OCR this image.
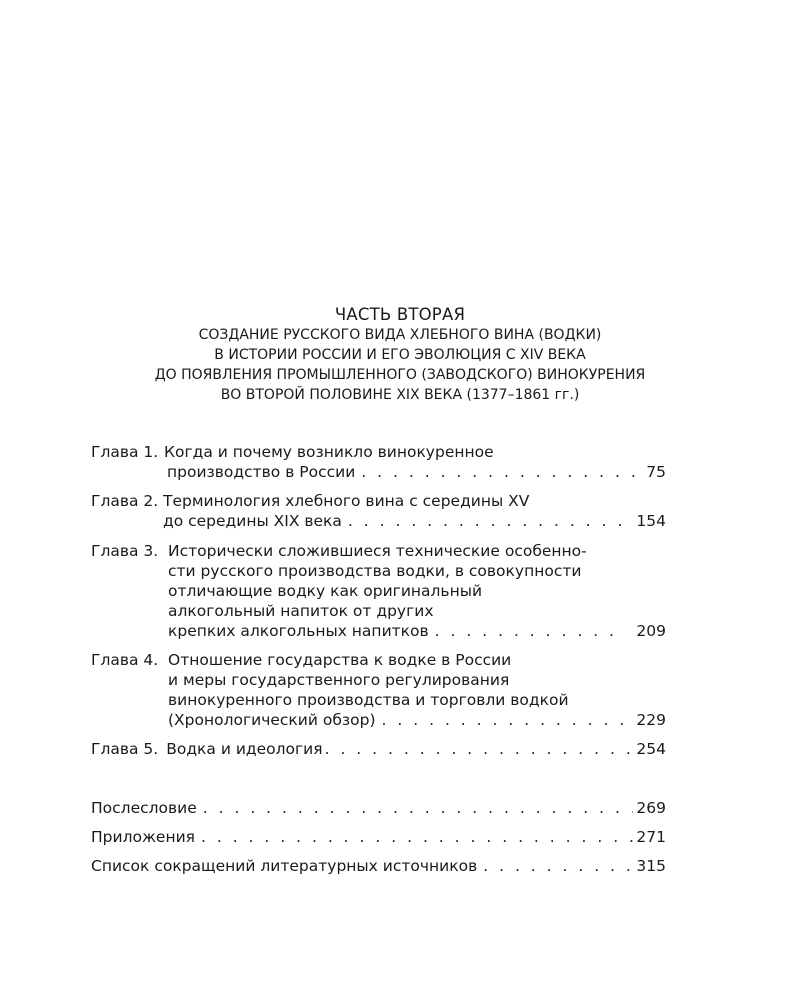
ЧАСТЬ ВТОРАЯ

СОЗДАНИЕ РУССКОГО ВИДА ХЛЕБНОГО ВИНА (ВОДКИ)

В ИСТОРИИ РОССИИ И ЕГО ЭВОЛЮЦИЯ С XIV ВЕКА

ДО ПОЯВЛЕНИЯ ПРОМЫШЛЕННОГО (ЗАВОДСКОГО) ВИНОКУРЕНИЯ

ВО ВТОРОЙ ПОЛОВИНЕ XIX ВЕКА (1377–1861 гг.)

Глава 1. Когда и почему возникло винокуренное
производство в России . . .	75
Глава 2. Терминология хлебного вина с середины XV
до середины XIX века . . .	154
Глава 3. Исторически сложившиеся технические особенно-
сти русского производства водки, в совокупности
отличающие водку как оригинальный
алкогольный напиток от других
крепких алкогольных напитков . . .	209
Глава 4. Отношение государства к водке в России
и меры государственного регулирования
винокуренного производства и торговли водкой
(Хронологический обзор) . . .	229
Глава 5. Водка и идеология . . .	254
Послесловие . . .	269
Приложения . . .	271
Список сокращений литературных источников . . .	315
